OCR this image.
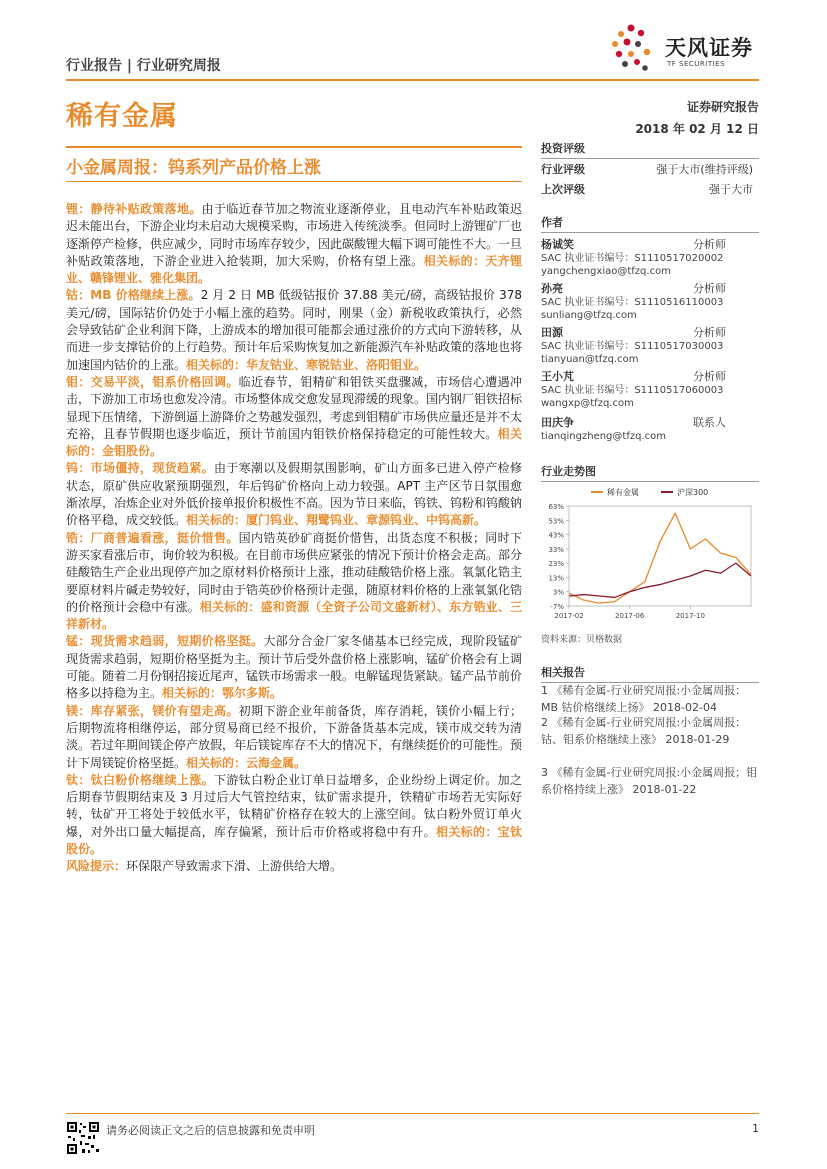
行业报告 | 行业研究周报
天风证券
TF SECURITIES
稀有金属	证券研究报告
2018 年 02 月 12 日
小金属周报：钨系列产品价格上涨

锂：静待补贴政策落地。由于临近春节加之物流业逐渐停业，且电动汽车补贴政策迟迟未能出台，下游企业均未启动大规模采购，市场进入传统淡季。但同时上游锂矿厂也逐渐停产检修，供应减少，同时市场库存较少，因此碳酸锂大幅下调可能性不大。一旦补贴政策落地，下游企业进入抢装期，加大采购，价格有望上涨。相关标的：天齐锂业、赣锋锂业、雅化集团。

钴：MB 价格继续上涨。2 月 2 日 MB 低级钴报价 37.88 美元/磅，高级钴报价 378 美元/磅，国际钴价仍处于小幅上涨的趋势。同时，刚果（金）新税收政策执行，必然会导致钴矿企业利润下降，上游成本的增加很可能都会通过涨价的方式向下游转移，从而进一步支撑钴价的上行趋势。预计年后采购恢复加之新能源汽车补贴政策的落地也将加速国内钴价的上涨。相关标的：华友钴业、寒锐钴业、洛阳钼业。

钼：交易平淡，钼系价格回调。临近春节，钼精矿和钼铁买盘骤减，市场信心遭遇冲击，下游加工市场也愈发冷清。市场整体成交愈发显现滞缓的现象。国内钢厂钼铁招标显现下压情绪，下游倒逼上游降价之势越发强烈，考虑到钼精矿市场供应量还是并不太充裕，且春节假期也逐步临近，预计节前国内钼铁价格保持稳定的可能性较大。相关标的：金钼股份。

钨：市场僵持，现货趋紧。由于寒潮以及假期氛围影响，矿山方面多已进入停产检修状态，原矿供应收紧预期强烈，年后钨矿价格向上动力较强。APT 主产区节日氛围愈渐浓厚，冶炼企业对外低价接单报价积极性不高。因为节日来临，钨铁、钨粉和钨酸钠价格平稳，成交较低。相关标的：厦门钨业、翔鹭钨业、章源钨业、中钨高新。

锆：厂商普遍看涨，挺价惜售。国内锆英砂矿商挺价惜售，出货态度不积极；同时下游买家看涨后市，询价较为积极。在目前市场供应紧张的情况下预计价格会走高。部分硅酸锆生产企业出现停产加之原材料价格预计上涨，推动硅酸锆价格上涨。氧氯化锆主要原材料片碱走势较好，同时由于锆英砂价格预计走强，随原材料价格的上涨氧氯化锆的价格预计会稳中有涨。相关标的：盛和资源（全资子公司文盛新材）、东方锆业、三祥新材。

锰：现货需求趋弱，短期价格坚挺。大部分合金厂家冬储基本已经完成，现阶段锰矿现货需求趋弱，短期价格坚挺为主。预计节后受外盘价格上涨影响，锰矿价格会有上调可能。随着二月份钢招接近尾声，锰铁市场需求一般。电解锰现货紧缺。锰产品节前价格多以持稳为主。相关标的：鄂尔多斯。

镁：库存紧张，镁价有望走高。初期下游企业年前备货，库存消耗，镁价小幅上行；后期物流将相继停运，部分贸易商已经不报价，下游备货基本完成，镁市成交转为清淡。若过年期间镁企停产放假，年后镁锭库存不大的情况下，有继续挺价的可能性。预计下周镁锭价格坚挺。相关标的：云海金属。

钛：钛白粉价格继续上涨。下游钛白粉企业订单日益增多，企业纷纷上调定价。加之后期春节假期结束及 3 月过后大气管控结束，钛矿需求提升，铁精矿市场若无实际好转，钛矿开工将处于较低水平，钛精矿价格存在较大的上涨空间。钛白粉外贸订单火爆，对外出口量大幅提高，库存偏紧，预计后市价格或将稳中有升。相关标的：宝钛股份。

风险提示：环保限产导致需求下滑、上游供给大增。

投资评级
行业评级	强于大市(维持评级)
上次评级	强于大市
作者
杨诚笑	分析师
SAC 执业证书编号：S1110517020002
yangchengxiao@tfzq.com
孙亮	分析师
SAC 执业证书编号：S1110516110003
sunliang@tfzq.com
田源	分析师
SAC 执业证书编号：S1110517030003
tianyuan@tfzq.com
王小芃	分析师
SAC 执业证书编号：S1110517060003
wangxp@tfzq.com
田庆争	联系人
tianqingzheng@tfzq.com
行业走势图
63%
53%
43%
33%
23%
13%
3%
-7%
2017-02	2017-06	2017-10
稀有金属	沪深300
资料来源：贝格数据
相关报告
1 《稀有金属-行业研究周报:小金属周报：MB 钴价格继续上扬》 2018-02-04
2 《稀有金属-行业研究周报:小金属周报：钴、钼系价格继续上涨》 2018-01-29
3 《稀有金属-行业研究周报:小金属周报；钼系价格持续上涨》 2018-01-22
请务必阅读正文之后的信息披露和免责申明	1
